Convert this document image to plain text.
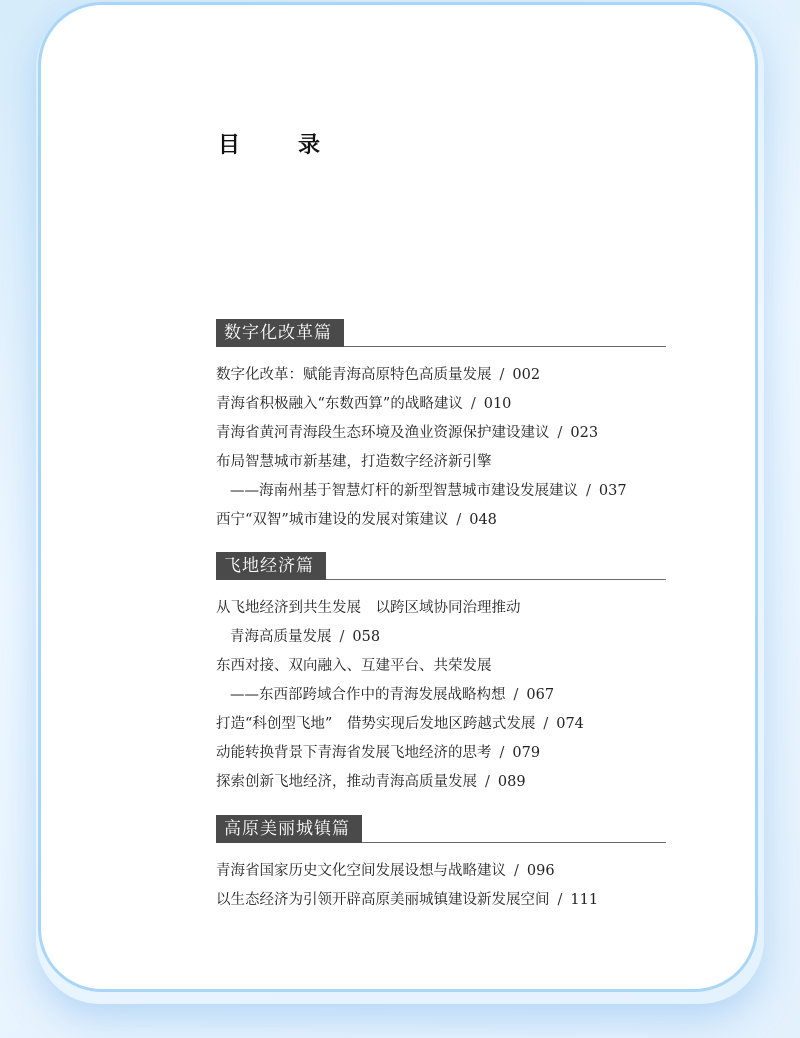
目	录
数字化改革篇
数字化改革：赋能青海高原特色高质量发展 / 002
青海省积极融入“东数西算”的战略建议 / 010
青海省黄河青海段生态环境及渔业资源保护建设建议 / 023
布局智慧城市新基建，打造数字经济新引擎
——海南州基于智慧灯杆的新型智慧城市建设发展建议 / 037
西宁“双智”城市建设的发展对策建议 / 048
飞地经济篇
从飞地经济到共生发展　以跨区域协同治理推动
青海高质量发展 / 058
东西对接、双向融入、互建平台、共荣发展
——东西部跨域合作中的青海发展战略构想 / 067
打造“科创型飞地”　借势实现后发地区跨越式发展 / 074
动能转换背景下青海省发展飞地经济的思考 / 079
探索创新飞地经济，推动青海高质量发展 / 089
高原美丽城镇篇
青海省国家历史文化空间发展设想与战略建议 / 096
以生态经济为引领开辟高原美丽城镇建设新发展空间 / 111
